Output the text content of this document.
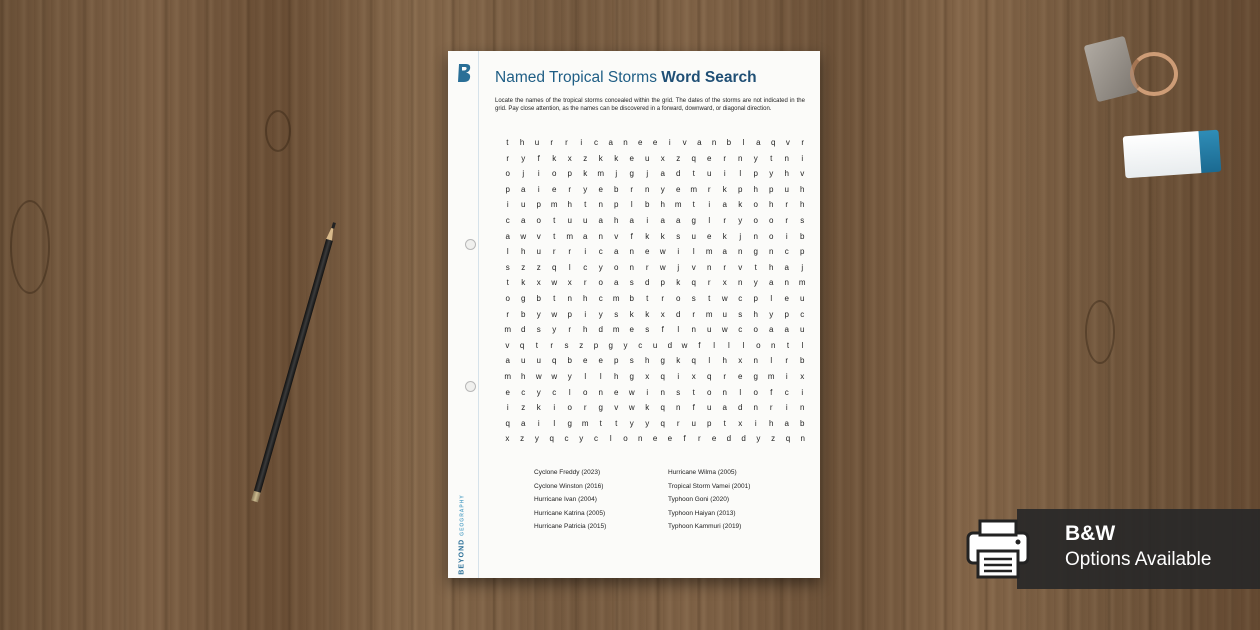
BEYOND GEOGRAPHY
Named Tropical Storms Word Search
Locate the names of the tropical storms concealed within the grid. The dates of the storms are not indicated in the grid. Pay close attention, as the names can be discovered in a forward, downward, or diagonal direction.
t	h	u	r	r	i	c	a	n	e	e	i	v	a	n	b	l	a	q	v	r
r	y	f	k	x	z	k	k	e	u	x	z	q	e	r	n	y	t	n	i
o	j	i	o	p	k	m	j	g	j	a	d	t	u	i	l	p	y	h	v
p	a	i	e	r	y	e	b	r	n	y	e	m	r	k	p	h	p	u	h
i	u	p	m	h	t	n	p	l	b	h	m	t	i	a	k	o	h	r	h
c	a	o	t	u	u	a	h	a	i	a	a	g	l	r	y	o	o	r	s
a	w	v	t	m	a	n	v	f	k	k	s	u	e	k	j	n	o	i	b
l	h	u	r	r	i	c	a	n	e	w	i	l	m	a	n	g	n	c	p
s	z	z	q	l	c	y	o	n	r	w	j	v	n	r	v	t	h	a	j
t	k	x	w	x	r	o	a	s	d	p	k	q	r	x	n	y	a	n	m
o	g	b	t	n	h	c	m	b	t	r	o	s	t	w	c	p	l	e	u
r	b	y	w	p	i	y	s	k	k	x	d	r	m	u	s	h	y	p	c
m	d	s	y	r	h	d	m	e	s	f	l	n	u	w	c	o	a	a	u
v	q	t	r	s	z	p	g	y	c	u	d	w	f	l	l	l	o	n	t	l
a	u	u	q	b	e	e	p	s	h	g	k	q	l	h	x	n	l	r	b
m	h	w	w	y	l	l	h	g	x	q	i	x	q	r	e	g	m	i	x
e	c	y	c	l	o	n	e	w	i	n	s	t	o	n	l	o	f	c	i
i	z	k	i	o	r	g	v	w	k	q	n	f	u	a	d	n	r	i	n
q	a	i	l	g	m	t	t	y	y	q	r	u	p	t	x	i	h	a	b
x	z	y	q	c	y	c	l	o	n	e	e	f	r	e	d	d	y	z	q	n
Cyclone Freddy (2023)
Cyclone Winston (2016)
Hurricane Ivan (2004)
Hurricane Katrina (2005)
Hurricane Patricia (2015)
Hurricane Wilma (2005)
Tropical Storm Vamei (2001)
Typhoon Goni (2020)
Typhoon Haiyan (2013)
Typhoon Kammuri (2019)	B&W
Options Available
